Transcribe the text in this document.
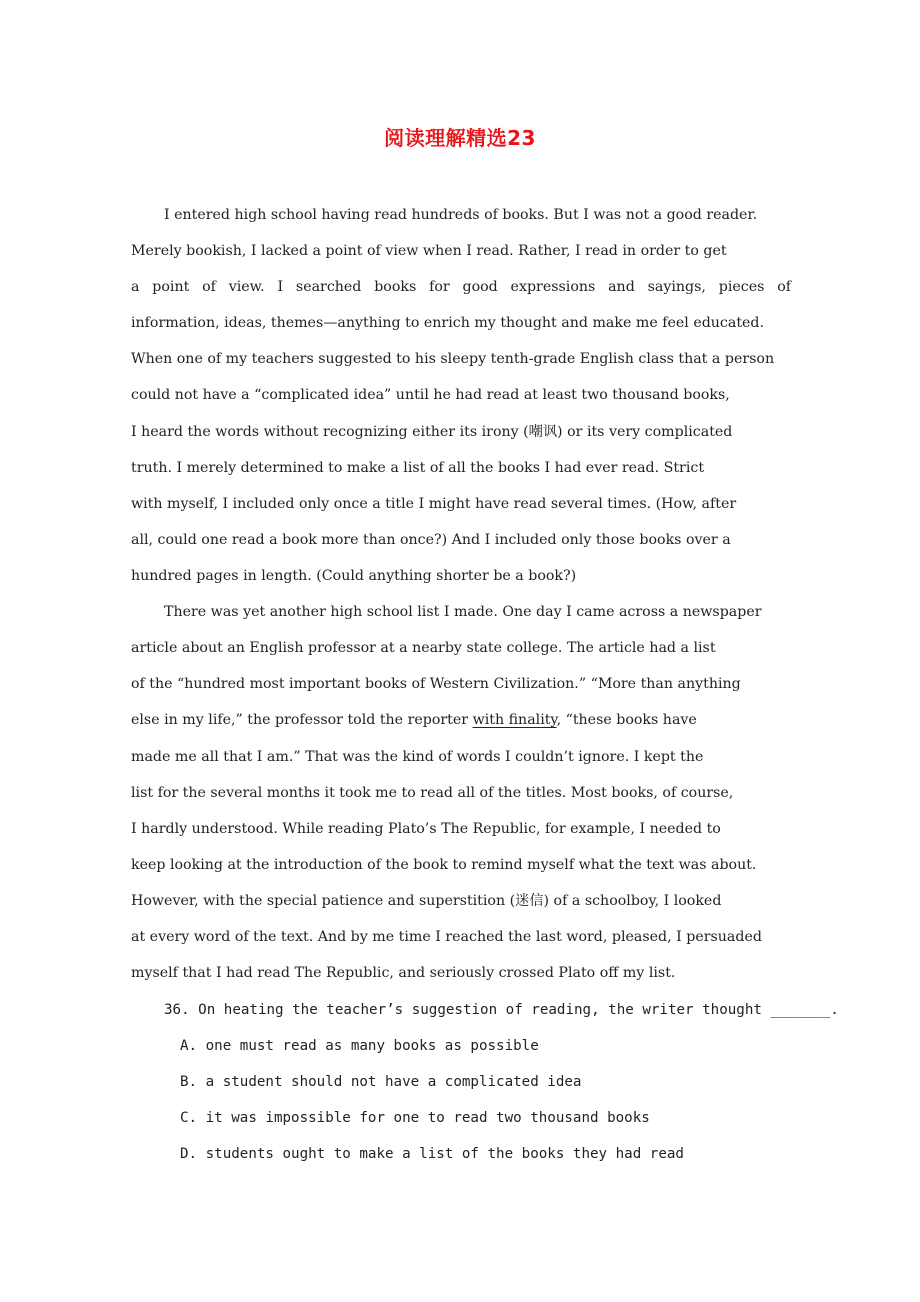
阅读理解精选23
I entered high school having read hundreds of books. But I was not a good reader.
Merely bookish, I lacked a point of view when I read. Rather, I read in order to get
a point of view. I searched books for good expressions and sayings, pieces of
information, ideas, themes—anything to enrich my thought and make me feel educated.
When one of my teachers suggested to his sleepy tenth-grade English class that a person
could not have a “complicated idea” until he had read at least two thousand books,
I heard the words without recognizing either its irony (嘲讽) or its very complicated
truth. I merely determined to make a list of all the books I had ever read. Strict
with myself, I included only once a title I might have read several times. (How, after
all, could one read a book more than once?) And I included only those books over a
hundred pages in length. (Could anything shorter be a book?)
There was yet another high school list I made. One day I came across a newspaper
article about an English professor at a nearby state college. The article had a list
of the “hundred most important books of Western Civilization.” “More than anything
else in my life,” the professor told the reporter with finality, “these books have
made me all that I am.” That was the kind of words I couldn’t ignore. I kept the
list for the several months it took me to read all of the titles. Most books, of course,
I hardly understood. While reading Plato’s The Republic, for example, I needed to
keep looking at the introduction of the book to remind myself what the text was about.
However, with the special patience and superstition (迷信) of a schoolboy, I looked
at every word of the text. And by me time I reached the last word, pleased, I persuaded
myself that I had read The Republic, and seriously crossed Plato off my list.
36. On heating the teacher’s suggestion of reading, the writer thought _______.
A. one must read as many books as possible
B. a student should not have a complicated idea
C. it was impossible for one to read two thousand books
D. students ought to make a list of the books they had read
